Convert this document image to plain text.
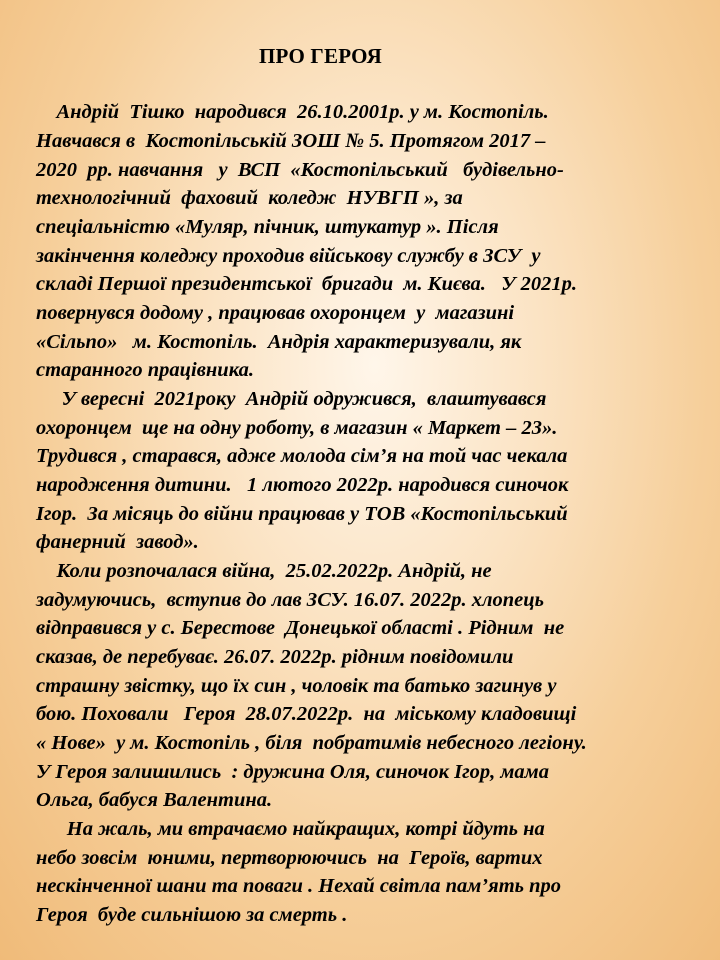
ПРО ГЕРОЯ

Андрій  Тішко  народився  26.10.2001р. у м. Костопіль.

Навчався в  Костопільській ЗОШ № 5. Протягом 2017 –

2020  рр. навчання   у  ВСП  «Костопільський   будівельно-

технологічний  фаховий  коледж  НУВГП », за

спеціальністю «Муляр, пічник, штукатур ». Після

закінчення коледжу проходив військову службу в ЗСУ  у

складі Першої президентської  бригади  м. Києва.   У 2021р.

повернувся додому , працював охоронцем  у  магазині

«Сільпо»   м. Костопіль.  Андрія характеризували, як

старанного працівника.

У вересні  2021року  Андрій одружився,  влаштувався

охоронцем  ще на одну роботу, в магазин « Маркет – 23».

Трудився , старався, адже молода сім’я на той час чекала

народження дитини.   1 лютого 2022р. народився синочок

Ігор.  За місяць до війни працював у ТОВ «Костопільський

фанерний  завод».

Коли розпочалася війна,  25.02.2022р. Андрій, не

задумуючись,  вступив до лав ЗСУ. 16.07. 2022р. хлопець

відправився у с. Берестове  Донецької області . Рідним  не

сказав, де перебуває. 26.07. 2022р. рідним повідомили

страшну звістку, що їх син , чоловік та батько загинув у

бою. Поховали   Героя  28.07.2022р.  на  міському кладовищі

« Нове»  у м. Костопіль , біля  побратимів небесного легіону.

У Героя залишились  : дружина Оля, синочок Ігор, мама

Ольга, бабуся Валентина.

На жаль, ми втрачаємо найкращих, котрі йдуть на

небо зовсім  юними, пертворюючись  на  Героїв, вартих

нескінченної шани та поваги . Нехай світла пам’ять про

Героя  буде сильнішою за смерть .
